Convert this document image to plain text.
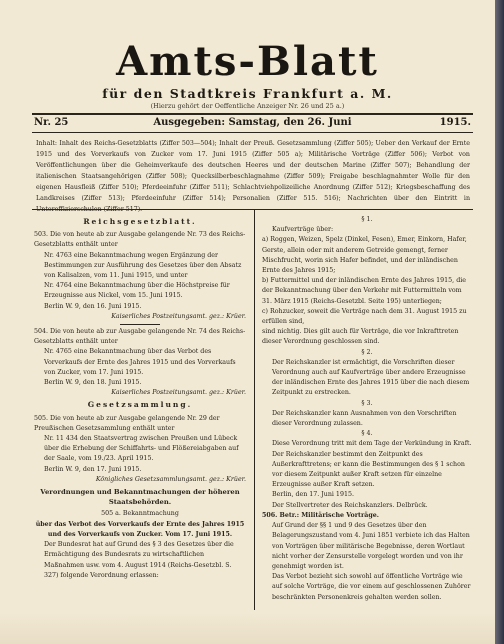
Amts-Blatt
für den Stadtkreis Frankfurt a. M.
(Hierzu gehört der Oeffentliche Anzeiger Nr. 26 und 25 a.)
Nr. 25	Ausgegeben: Samstag, den 26. Juni	1915.
Inhalt: Inhalt des Reichs-Gesetzblatts (Ziffer 503—504); Inhalt der Preuß. Gesetzsammlung (Ziffer 505); Ueber den Verkauf der Ernte 1915 und des Vorverkaufs von Zucker vom 17. Juni 1915 (Ziffer 505 a); Militärische Vorträge (Ziffer 506); Verbot von Veröffentlichungen über die Geheimverkaufe des deutschen Heeres und der deutschen Marine (Ziffer 507); Behandlung der italienischen Staatsangehörigen (Ziffer 508); Quecksilberbeschlagnahme (Ziffer 509); Freigabe beschlagnahmter Wolle für den eigenen Hausfleiß (Ziffer 510); Pferdeeinfuhr (Ziffer 511); Schlachtviehpolizeiliche Anordnung (Ziffer 512); Kriegsbeschaffung des Landkreises (Ziffer 513); Pferdeeinfuhr (Ziffer 514); Personalien (Ziffer 515. 516); Nachrichten über den Eintritt in Unteroffizierschulen (Ziffer 517).
Reichsgesetzblatt.

503. Die von heute ab zur Ausgabe gelangende Nr. 73 des Reichs-Gesetzblatts enthält unter

Nr. 4763 eine Bekanntmachung wegen Ergänzung der Bestimmungen zur Ausführung des Gesetzes über den Absatz von Kalisalzen, vom 11. Juni 1915, und unter

Nr. 4764 eine Bekanntmachung über die Höchstpreise für Erzeugnisse aus Nickel, vom 15. Juni 1915.

Berlin W. 9, den 16. Juni 1915.

Kaiserliches Postzeitungsamt. gez.: Krüer.

504. Die von heute ab zur Ausgabe gelangende Nr. 74 des Reichs-Gesetzblatts enthält unter

Nr. 4765 eine Bekanntmachung über das Verbot des Vorverkaufs der Ernte des Jahres 1915 und des Vorverkaufs von Zucker, vom 17. Juni 1915.

Berlin W. 9, den 18. Juni 1915.

Kaiserliches Postzeitungsamt. gez.: Krüer.

Gesetzsammlung.

505. Die von heute ab zur Ausgabe gelangende Nr. 29 der Preußischen Gesetzsammlung enthält unter

Nr. 11 434 den Staatsvertrag zwischen Preußen und Lübeck über die Erhebung der Schiffahrts- und Flößereiabgaben auf der Saale, vom 19./23. April 1915.

Berlin W. 9, den 17. Juni 1915.

Königliches Gesetzsammlungsamt. gez.: Krüer.

Verordnungen und Bekanntmachungen der höheren Staatsbehörden.

505 a. Bekanntmachung

über das Verbot des Vorverkaufs der Ernte des Jahres 1915 und des Vorverkaufs von Zucker. Vom 17. Juni 1915.

Der Bundesrat hat auf Grund des § 3 des Gesetzes über die Ermächtigung des Bundesrats zu wirtschaftlichen Maßnahmen usw. vom 4. August 1914 (Reichs-Gesetzbl. S. 327) folgende Verordnung erlassen:

§ 1.

Kaufverträge über:

a) Roggen, Weizen, Spelz (Dinkel, Fesen), Emer, Einkorn, Hafer, Gerste, allein oder mit anderem Getreide gemengt, ferner Mischfrucht, worin sich Hafer befindet, und der inländischen Ernte des Jahres 1915;

b) Futtermittel und der inländischen Ernte des Jahres 1915, die der Bekanntmachung über den Verkehr mit Futtermitteln vom 31. März 1915 (Reichs-Gesetzbl. Seite 195) unterliegen;

c) Rohzucker, soweit die Verträge nach dem 31. August 1915 zu erfüllen sind,

sind nichtig. Dies gilt auch für Verträge, die vor Inkrafttreten dieser Verordnung geschlossen sind.

§ 2.

Der Reichskanzler ist ermächtigt, die Vorschriften dieser Verordnung auch auf Kaufverträge über andere Erzeugnisse der inländischen Ernte des Jahres 1915 über die nach diesem Zeitpunkt zu erstrecken.

§ 3.

Der Reichskanzler kann Ausnahmen von den Vorschriften dieser Verordnung zulassen.

§ 4.

Diese Verordnung tritt mit dem Tage der Verkündung in Kraft.

Der Reichskanzler bestimmt den Zeitpunkt des Außerkrafttretens; er kann die Bestimmungen des § 1 schon vor diesem Zeitpunkt außer Kraft setzen für einzelne Erzeugnisse außer Kraft setzen.

Berlin, den 17. Juni 1915.

Der Stellvertreter des Reichskanzlers. Delbrück.

506. Betr.: Militärische Vorträge.

Auf Grund der §§ 1 und 9 des Gesetzes über den Belagerungszustand vom 4. Juni 1851 verbiete ich das Halten von Vorträgen über militärische Begebnisse, deren Wortlaut nicht vorher der Zensurstelle vorgelegt worden und von ihr genehmigt worden ist.

Das Verbot bezieht sich sowohl auf öffentliche Vorträge wie auf solche Vorträge, die vor einem auf geschlossenen Zuhörer beschränkten Personenkreis gehalten werden sollen.
